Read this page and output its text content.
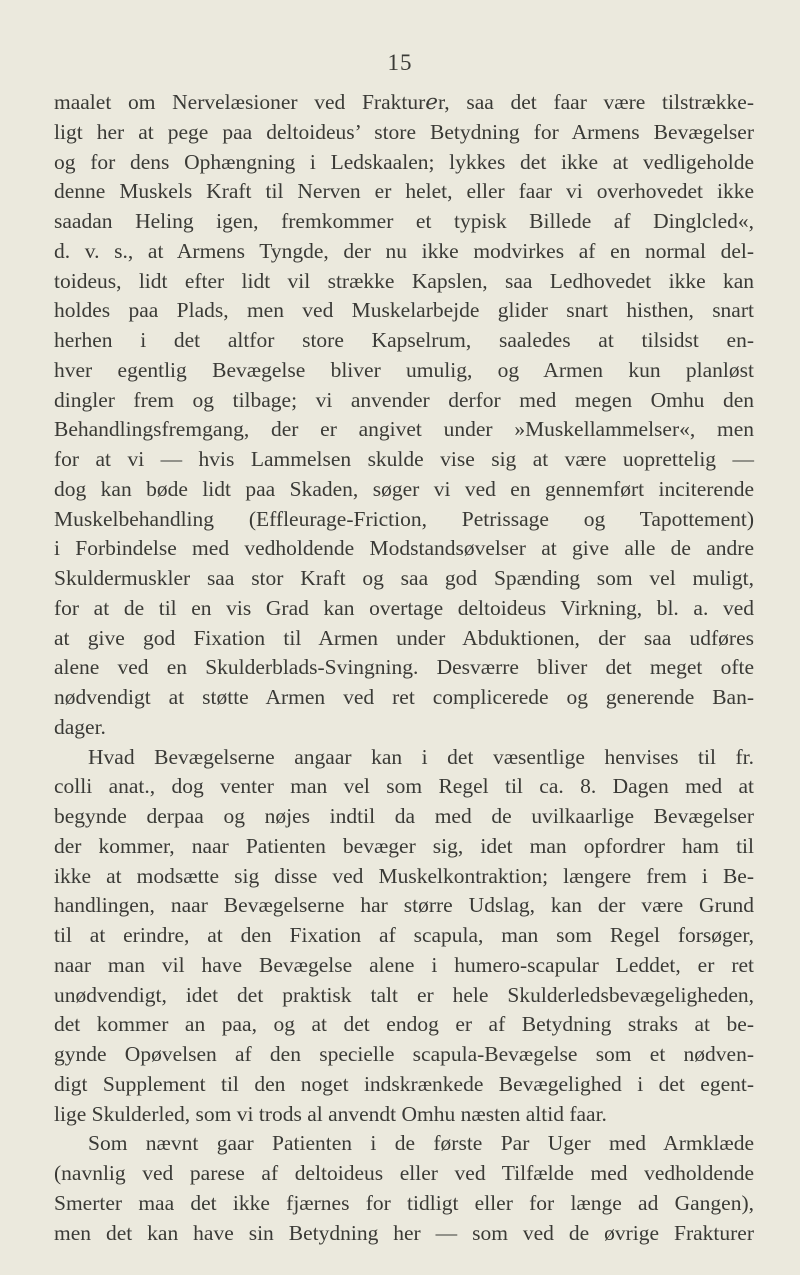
15
maalet om Nervelæsioner ved Fraktur𝑒r, saa det faar være tilstrække-
ligt her at pege paa deltoideus’ store Betydning for Armens Bevægelser
og for dens Ophængning i Ledskaalen; lykkes det ikke at vedligeholde
denne Muskels Kraft til Nerven er helet, eller faar vi overhovedet ikke
saadan Heling igen, fremkommer et typisk Billede af Dinglcled«,
d. v. s., at Armens Tyngde, der nu ikke modvirkes af en normal del-
toideus, lidt efter lidt vil strække Kapslen, saa Ledhovedet ikke kan
holdes paa Plads, men ved Muskelarbejde glider snart histhen, snart
herhen i det altfor store Kapselrum, saaledes at tilsidst en-
hver egentlig Bevægelse bliver umulig, og Armen kun planløst
dingler frem og tilbage; vi anvender derfor med megen Omhu den
Behandlingsfremgang, der er angivet under »Muskellammelser«, men
for at vi — hvis Lammelsen skulde vise sig at være uoprettelig —
dog kan bøde lidt paa Skaden, søger vi ved en gennemført inciterende
Muskelbehandling (Effleurage-Friction, Petrissage og Tapottement)
i Forbindelse med vedholdende Modstandsøvelser at give alle de andre
Skuldermuskler saa stor Kraft og saa god Spænding som vel muligt,
for at de til en vis Grad kan overtage deltoideus Virkning, bl. a. ved
at give god Fixation til Armen under Abduktionen, der saa udføres
alene ved en Skulderblads-Svingning. Desværre bliver det meget ofte
nødvendigt at støtte Armen ved ret complicerede og generende Ban-
dager.
Hvad Bevægelserne angaar kan i det væsentlige henvises til fr.
colli anat., dog venter man vel som Regel til ca. 8. Dagen med at
begynde derpaa og nøjes indtil da med de uvilkaarlige Bevægelser
der kommer, naar Patienten bevæger sig, idet man opfordrer ham til
ikke at modsætte sig disse ved Muskelkontraktion; længere frem i Be-
handlingen, naar Bevægelserne har større Udslag, kan der være Grund
til at erindre, at den Fixation af scapula, man som Regel forsøger,
naar man vil have Bevægelse alene i humero-scapular Leddet, er ret
unødvendigt, idet det praktisk talt er hele Skulderledsbevægeligheden,
det kommer an paa, og at det endog er af Betydning straks at be-
gynde Opøvelsen af den specielle scapula-Bevægelse som et nødven-
digt Supplement til den noget indskrænkede Bevægelighed i det egent-
lige Skulderled, som vi trods al anvendt Omhu næsten altid faar.
Som nævnt gaar Patienten i de første Par Uger med Armklæde
(navnlig ved parese af deltoideus eller ved Tilfælde med vedholdende
Smerter maa det ikke fjærnes for tidligt eller for længe ad Gangen),
men det kan have sin Betydning her — som ved de øvrige Frakturer
